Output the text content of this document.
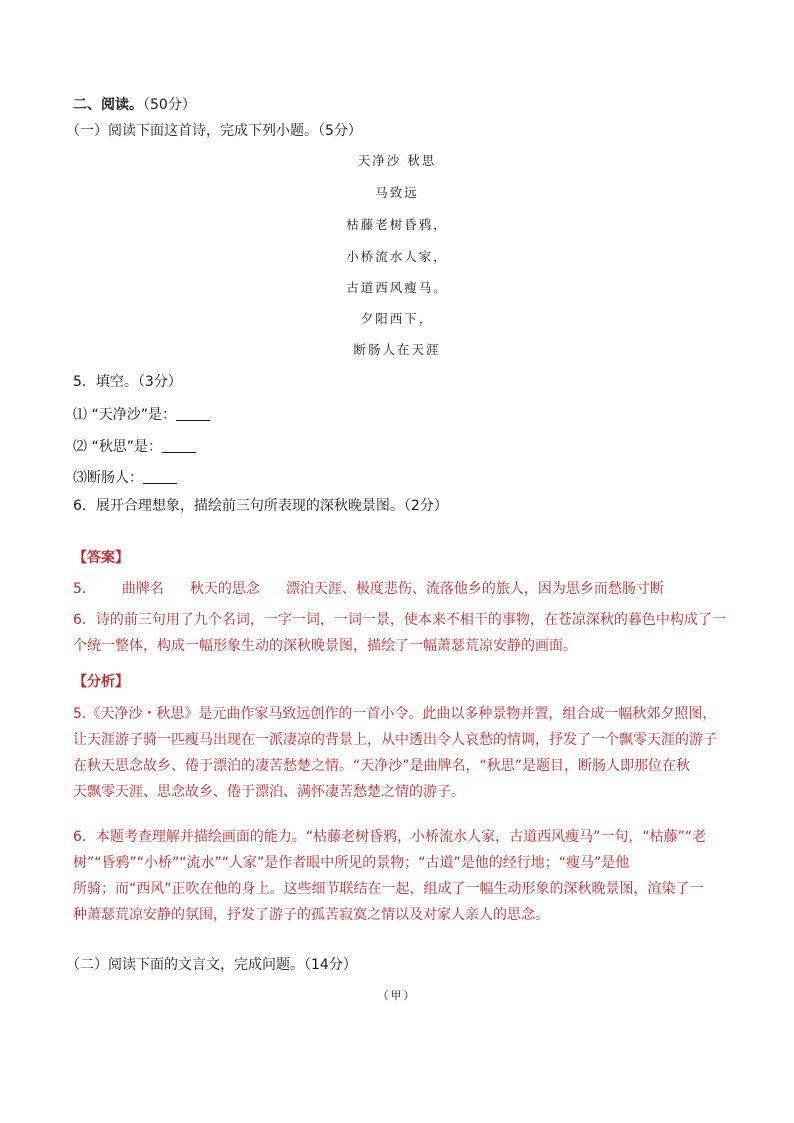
二、阅读。（50分）
（一）阅读下面这首诗，完成下列小题。（5分）
天净沙 秋思
马致远
枯藤老树昏鸦，
小桥流水人家，
古道西风瘦马。
夕阳西下，
断肠人在天涯
5．填空。（3分）
⑴ “天净沙”是：
⑵ “秋思”是：
⑶断肠人：
6．展开合理想象，描绘前三句所表现的深秋晚景图。（2分）
【答案】
5． 曲牌名 秋天的思念 漂泊天涯、极度悲伤、流落他乡的旅人，因为思乡而愁肠寸断
6．诗的前三句用了九个名词，一字一词，一词一景，使本来不相干的事物，在苍凉深秋的暮色中构成了一
个统一整体，构成一幅形象生动的深秋晚景图，描绘了一幅萧瑟荒凉安静的画面。
【分析】
5.《天净沙・秋思》是元曲作家马致远创作的一首小令。此曲以多种景物并置，组合成一幅秋郊夕照图，
让天涯游子骑一匹瘦马出现在一派凄凉的背景上，从中透出令人哀愁的情调，抒发了一个飘零天涯的游子
在秋天思念故乡、倦于漂泊的凄苦愁楚之情。“天净沙”是曲牌名，“秋思”是题目，断肠人即那位在秋
天飘零天涯、思念故乡、倦于漂泊、满怀凄苦愁楚之情的游子。
6．本题考查理解并描绘画面的能力。“枯藤老树昏鸦，小桥流水人家，古道西风瘦马”一句，“枯藤”“老
树”“昏鸦”“小桥”“流水”“人家”是作者眼中所见的景物；“古道”是他的经行地；“瘦马”是他
所骑；而“西风”正吹在他的身上。这些细节联结在一起，组成了一幅生动形象的深秋晚景图，渲染了一
种萧瑟荒凉安静的氛围，抒发了游子的孤苦寂寞之情以及对家人亲人的思念。
（二）阅读下面的文言文，完成问题。（14分）
（甲）
